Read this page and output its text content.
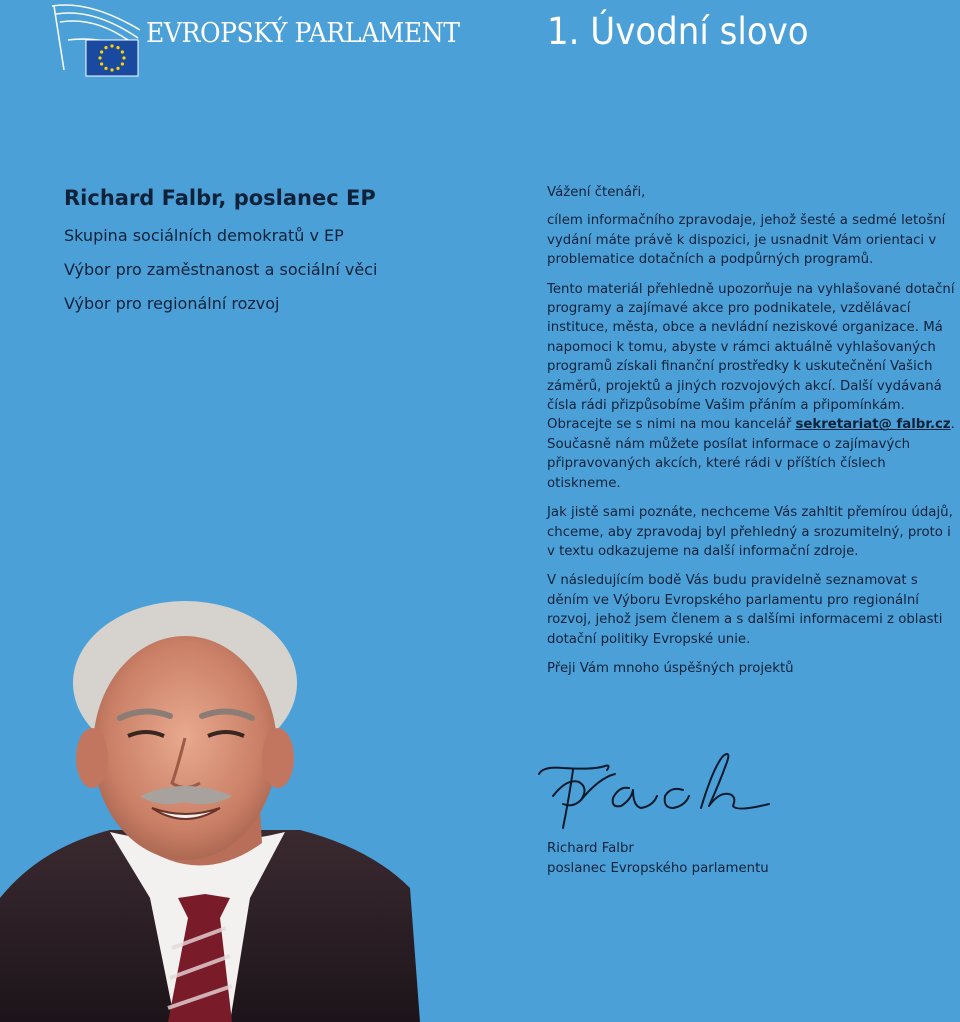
EVROPSKÝ PARLAMENT 1. Úvodní slovo
Richard Falbr, poslanec EP
Skupina sociálních demokratů v EP
Výbor pro zaměstnanost a sociální věci
Výbor pro regionální rozvoj

Vážení čtenáři,

cílem informačního zpravodaje, jehož šesté a sedmé letošní vydání máte právě k dispozici, je usnadnit Vám orientaci v problematice dotačních a podpůrných programů.

Tento materiál přehledně upozorňuje na vyhlašované dotační programy a zajímavé akce pro podnikatele, vzdělávací instituce, města, obce a nevládní neziskové organizace. Má napomoci k tomu, abyste v rámci aktuálně vyhlašovaných programů získali finanční prostředky k uskutečnění Vašich záměrů, projektů a jiných rozvojových akcí. Další vydávaná čísla rádi přizpůsobíme Vašim přáním a připomínkám. Obracejte se s nimi na mou kancelář sekretariat@ falbr.cz. Současně nám můžete posílat informace o zajímavých připravovaných akcích, které rádi v příštích číslech otiskneme.

Jak jistě sami poznáte, nechceme Vás zahltit přemírou údajů, chceme, aby zpravodaj byl přehledný a srozumitelný, proto i v textu odkazujeme na další informační zdroje.

V následujícím bodě Vás budu pravidelně seznamovat s děním ve Výboru Evropského parlamentu pro regionální rozvoj, jehož jsem členem a s dalšími informacemi z oblasti dotační politiky Evropské unie.

Přeji Vám mnoho úspěšných projektů

Richard Falbr
poslanec Evropského parlamentu
